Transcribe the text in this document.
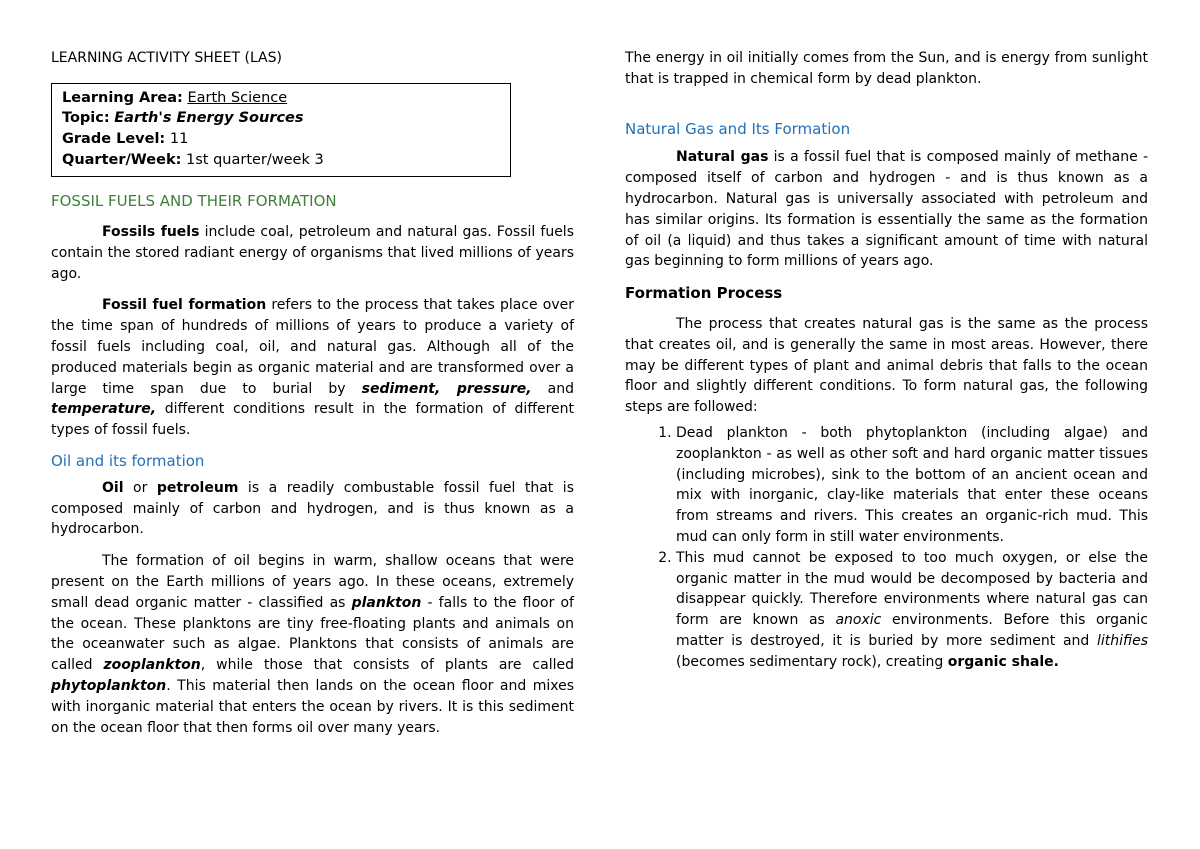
LEARNING ACTIVITY SHEET (LAS)

Learning Area: Earth Science
Topic: Earth's Energy Sources
Grade Level: 11
Quarter/Week: 1st quarter/week 3

FOSSIL FUELS AND THEIR FORMATION

Fossils fuels include coal, petroleum and natural gas. Fossil fuels contain the stored radiant energy of organisms that lived millions of years ago.

Fossil fuel formation refers to the process that takes place over the time span of hundreds of millions of years to produce a variety of fossil fuels including coal, oil, and natural gas. Although all of the produced materials begin as organic material and are transformed over a large time span due to burial by sediment, pressure, and temperature, different conditions result in the formation of different types of fossil fuels.

Oil and its formation

Oil or petroleum is a readily combustable fossil fuel that is composed mainly of carbon and hydrogen, and is thus known as a hydrocarbon.

The formation of oil begins in warm, shallow oceans that were present on the Earth millions of years ago. In these oceans, extremely small dead organic matter - classified as plankton - falls to the floor of the ocean. These planktons are tiny free-floating plants and animals on the oceanwater such as algae. Planktons that consists of animals are called zooplankton, while those that consists of plants are called phytoplankton. This material then lands on the ocean floor and mixes with inorganic material that enters the ocean by rivers. It is this sediment on the ocean floor that then forms oil over many years.

The energy in oil initially comes from the Sun, and is energy from sunlight that is trapped in chemical form by dead plankton.

Natural Gas and Its Formation

Natural gas is a fossil fuel that is composed mainly of methane - composed itself of carbon and hydrogen - and is thus known as a hydrocarbon. Natural gas is universally associated with petroleum and has similar origins. Its formation is essentially the same as the formation of oil (a liquid) and thus takes a significant amount of time with natural gas beginning to form millions of years ago.

Formation Process

The process that creates natural gas is the same as the process that creates oil, and is generally the same in most areas. However, there may be different types of plant and animal debris that falls to the ocean floor and slightly different conditions. To form natural gas, the following steps are followed:

1. Dead plankton - both phytoplankton (including algae) and zooplankton - as well as other soft and hard organic matter tissues (including microbes), sink to the bottom of an ancient ocean and mix with inorganic, clay-like materials that enter these oceans from streams and rivers. This creates an organic-rich mud. This mud can only form in still water environments.
2. This mud cannot be exposed to too much oxygen, or else the organic matter in the mud would be decomposed by bacteria and disappear quickly. Therefore environments where natural gas can form are known as anoxic environments. Before this organic matter is destroyed, it is buried by more sediment and lithifies (becomes sedimentary rock), creating organic shale.
